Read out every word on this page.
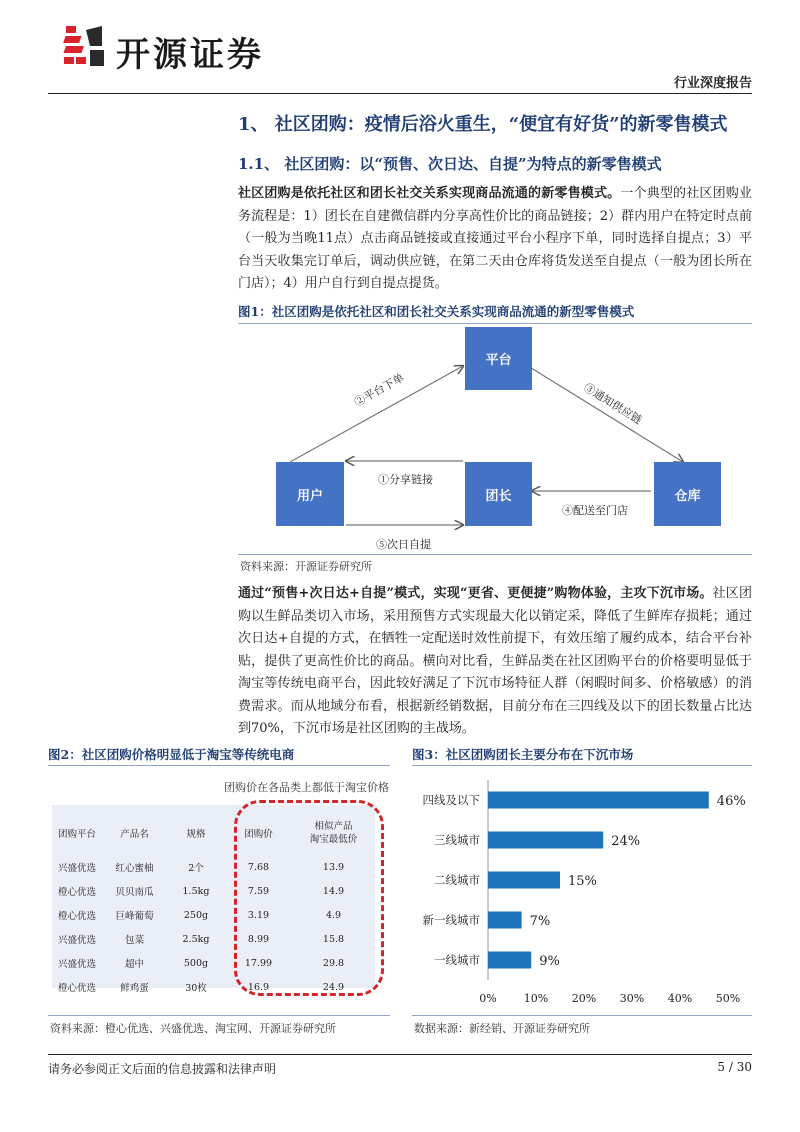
开源证券
行业深度报告
1、 社区团购：疫情后浴火重生，“便宜有好货”的新零售模式
1.1、 社区团购：以“预售、次日达、自提”为特点的新零售模式
社区团购是依托社区和团长社交关系实现商品流通的新零售模式。一个典型的社区团购业务流程是：1）团长在自建微信群内分享高性价比的商品链接；2）群内用户在特定时点前（一般为当晚11点）点击商品链接或直接通过平台小程序下单，同时选择自提点；3）平台当天收集完订单后，调动供应链，在第二天由仓库将货发送至自提点（一般为团长所在门店）；4）用户自行到自提点提货。
图1：社区团购是依托社区和团长社交关系实现商品流通的新型零售模式
平台
用户	团长	仓库
②平台下单	③通知供应链
①分享链接
④配送至门店
⑤次日自提
资料来源：开源证券研究所
通过“预售+次日达+自提”模式，实现“更省、更便捷”购物体验，主攻下沉市场。社区团购以生鲜品类切入市场，采用预售方式实现最大化以销定采，降低了生鲜库存损耗；通过次日达+自提的方式，在牺牲一定配送时效性前提下，有效压缩了履约成本，结合平台补贴，提供了更高性价比的商品。横向对比看，生鲜品类在社区团购平台的价格要明显低于淘宝等传统电商平台，因此较好满足了下沉市场特征人群（闲暇时间多、价格敏感）的消费需求。而从地域分布看，根据新经销数据，目前分布在三四线及以下的团长数量占比达到70%，下沉市场是社区团购的主战场。
图2：社区团购价格明显低于淘宝等传统电商
团购价在各品类上都低于淘宝价格
团购平台	产品名	规格	团购价	相似产品
淘宝最低价
兴盛优选	红心蜜柚	2个	7.68	13.9
橙心优选	贝贝南瓜	1.5kg	7.59	14.9
橙心优选	巨峰葡萄	250g	3.19	4.9
兴盛优选	包菜	2.5kg	8.99	15.8
兴盛优选	超中	500g	17.99	29.8
橙心优选	鲜鸡蛋	30枚	16.9	24.9
资料来源：橙心优选、兴盛优选、淘宝网、开源证券研究所
图3：社区团购团长主要分布在下沉市场
四线及以下	46%
三线城市	24%
二线城市	15%
新一线城市	7%
一线城市	9%
0% 10% 20% 30% 40% 50%
数据来源：新经销、开源证券研究所
请务必参阅正文后面的信息披露和法律声明	5 / 30
